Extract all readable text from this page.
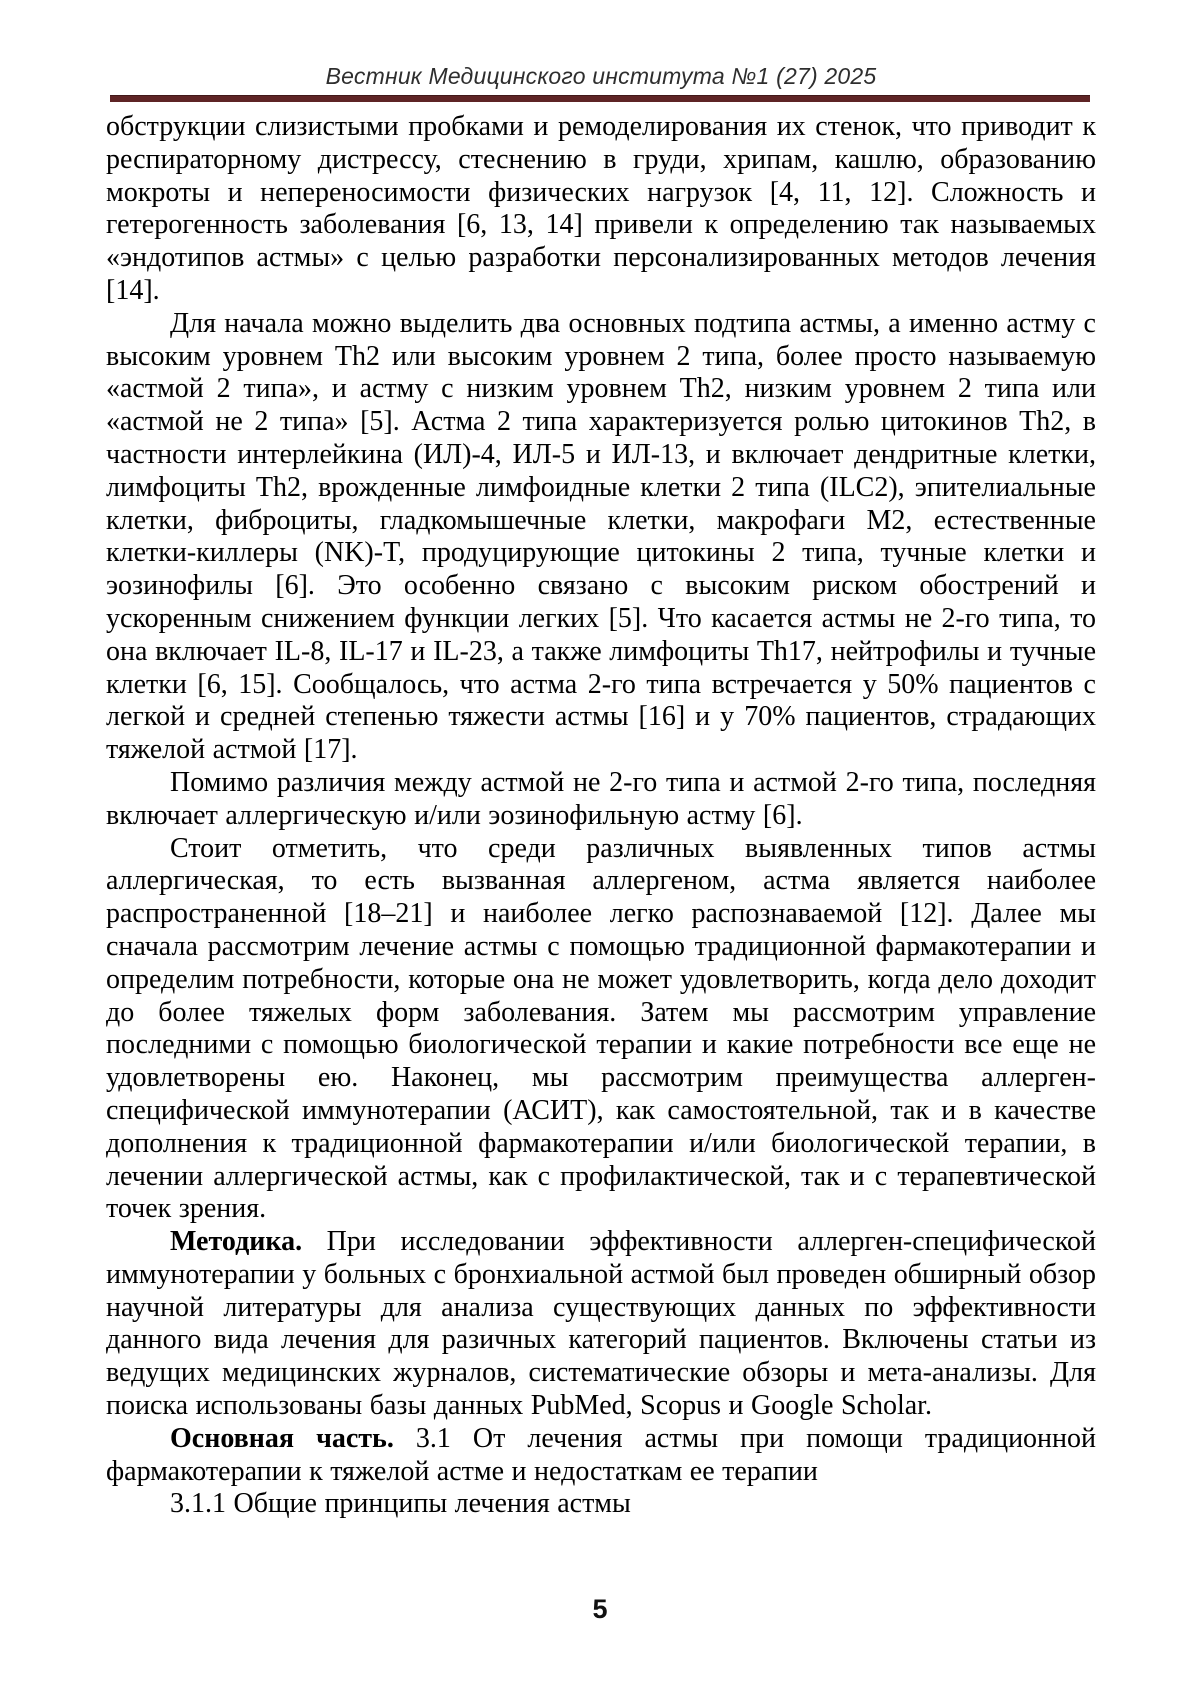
Вестник Медицинского института №1 (27) 2025

обструкции слизистыми пробками и ремоделирования их стенок, что приводит к респираторному дистрессу, стеснению в груди, хрипам, кашлю, образованию мокроты и непереносимости физических нагрузок [4, 11, 12]. Сложность и гетерогенность заболевания [6, 13, 14] привели к определению так называемых «эндотипов астмы» с целью разработки персонализированных методов лечения [14].

Для начала можно выделить два основных подтипа астмы, а именно астму с высоким уровнем Th2 или высоким уровнем 2 типа, более просто называемую «астмой 2 типа», и астму с низким уровнем Th2, низким уровнем 2 типа или «астмой не 2 типа» [5]. Астма 2 типа характеризуется ролью цитокинов Th2, в частности интерлейкина (ИЛ)-4, ИЛ-5 и ИЛ-13, и включает дендритные клетки, лимфоциты Th2, врожденные лимфоидные клетки 2 типа (ILC2), эпителиальные клетки, фиброциты, гладкомышечные клетки, макрофаги М2, естественные клетки-киллеры (NK)-T, продуцирующие цитокины 2 типа, тучные клетки и эозинофилы [6]. Это особенно связано с высоким риском обострений и ускоренным снижением функции легких [5]. Что касается астмы не 2-го типа, то она включает IL-8, IL-17 и IL-23, а также лимфоциты Th17, нейтрофилы и тучные клетки [6, 15]. Сообщалось, что астма 2-го типа встречается у 50% пациентов с легкой и средней степенью тяжести астмы [16] и у 70% пациентов, страдающих тяжелой астмой [17].

Помимо различия между астмой не 2-го типа и астмой 2-го типа, последняя включает аллергическую и/или эозинофильную астму [6].

Стоит отметить, что среди различных выявленных типов астмы аллергическая, то есть вызванная аллергеном, астма является наиболее распространенной [18–21] и наиболее легко распознаваемой [12]. Далее мы сначала рассмотрим лечение астмы с помощью традиционной фармакотерапии и определим потребности, которые она не может удовлетворить, когда дело доходит до более тяжелых форм заболевания. Затем мы рассмотрим управление последними с помощью биологической терапии и какие потребности все еще не удовлетворены ею. Наконец, мы рассмотрим преимущества аллерген-специфической иммунотерапии (АСИТ), как самостоятельной, так и в качестве дополнения к традиционной фармакотерапии и/или биологической терапии, в лечении аллергической астмы, как с профилактической, так и с терапевтической точек зрения.

Методика. При исследовании эффективности аллерген-специфической иммунотерапии у больных с бронхиальной астмой был проведен обширный обзор научной литературы для анализа существующих данных по эффективности данного вида лечения для разичных категорий пациентов. Включены статьи из ведущих медицинских журналов, систематические обзоры и мета-анализы. Для поиска использованы базы данных PubMed, Scopus и Google Scholar.

Основная часть. 3.1 От лечения астмы при помощи традиционной фармакотерапии к тяжелой астме и недостаткам ее терапии

3.1.1 Общие принципы лечения астмы

5
